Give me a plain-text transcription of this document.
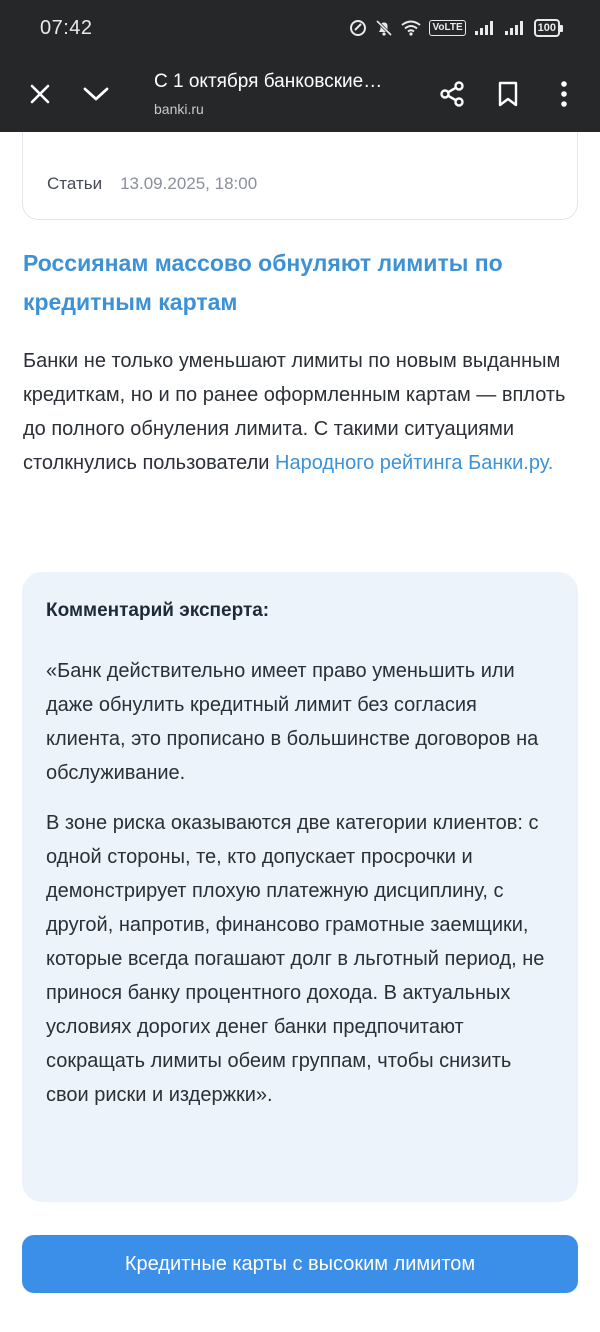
07:42	VoLTE	100
С 1 октября банковские…
banki.ru
Статьи 13.09.2025, 18:00
Россиянам массово обнуляют лимиты по кредитным картам
Банки не только уменьшают лимиты по новым выданным кредиткам, но и по ранее оформленным картам — вплоть до полного обнуления лимита. С такими ситуациями столкнулись пользователи Народного рейтинга Банки.ру.
Комментарий эксперта:
«Банк действительно имеет право уменьшить или даже обнулить кредитный лимит без согласия клиента, это прописано в большинстве договоров на обслуживание.
В зоне риска оказываются две категории клиентов: с одной стороны, те, кто допускает просрочки и демонстрирует плохую платежную дисциплину, с другой, напротив, финансово грамотные заемщики, которые всегда погашают долг в льготный период, не принося банку процентного дохода. В актуальных условиях дорогих денег банки предпочитают сокращать лимиты обеим группам, чтобы снизить свои риски и издержки».
Кредитные карты с высоким лимитом
